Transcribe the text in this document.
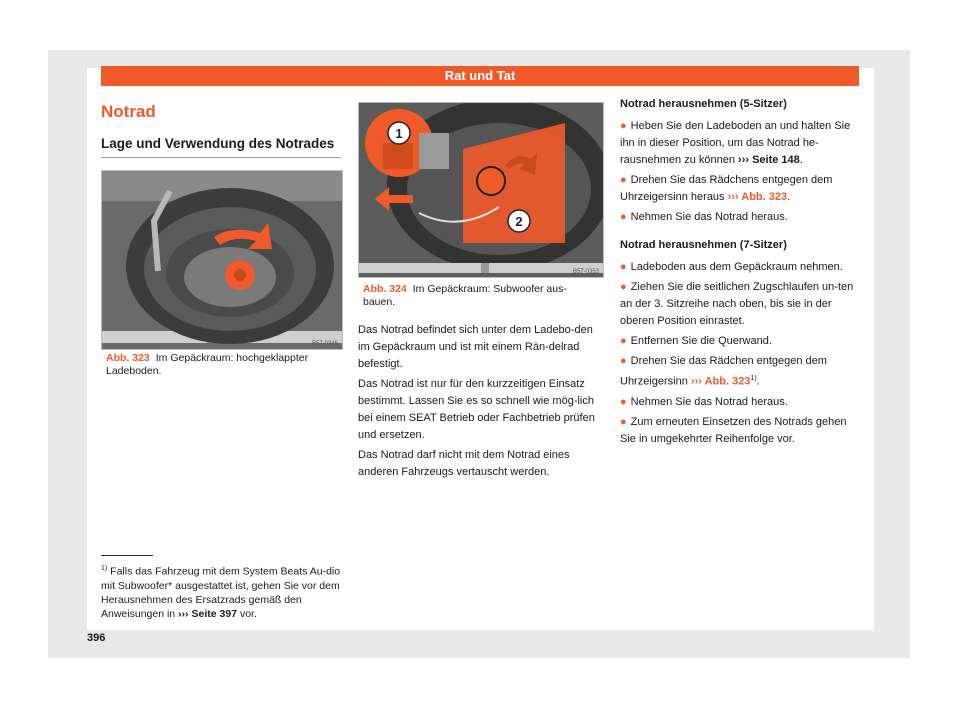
Rat und Tat
Notrad
Lage und Verwendung des Notrades
B57-0346
Abb. 323 Im Gepäckraum: hochgeklappter Ladeboden.
1
2
B57-0353
Abb. 324 Im Gepäckraum: Subwoofer aus-bauen.

Das Notrad befindet sich unter dem Ladebo-den im Gepäckraum und ist mit einem Rän-delrad befestigt.

Das Notrad ist nur für den kurzzeitigen Einsatz bestimmt. Lassen Sie es so schnell wie mög-lich bei einem SEAT Betrieb oder Fachbetrieb prüfen und ersetzen.

Das Notrad darf nicht mit dem Notrad eines anderen Fahrzeugs vertauscht werden.

Notrad herausnehmen (5-Sitzer)

● Heben Sie den Ladeboden an und halten Sie ihn in dieser Position, um das Notrad he-rausnehmen zu können ››› Seite 148.

● Drehen Sie das Rädchens entgegen dem Uhrzeigersinn heraus ››› Abb. 323.

● Nehmen Sie das Notrad heraus.

Notrad herausnehmen (7-Sitzer)

● Ladeboden aus dem Gepäckraum nehmen.

● Ziehen Sie die seitlichen Zugschlaufen un-ten an der 3. Sitzreihe nach oben, bis sie in der oberen Position einrastet.

● Entfernen Sie die Querwand.

● Drehen Sie das Rädchen entgegen dem Uhrzeigersinn ››› Abb. 323$^{1)}$.

● Nehmen Sie das Notrad heraus.

● Zum erneuten Einsetzen des Notrads gehen Sie in umgekehrter Reihenfolge vor.

$^{1)}$ Falls das Fahrzeug mit dem System Beats Au-dio mit Subwoofer* ausgestattet ist, gehen Sie vor dem Herausnehmen des Ersatzrads gemäß den Anweisungen in ››› Seite 397 vor.
396
